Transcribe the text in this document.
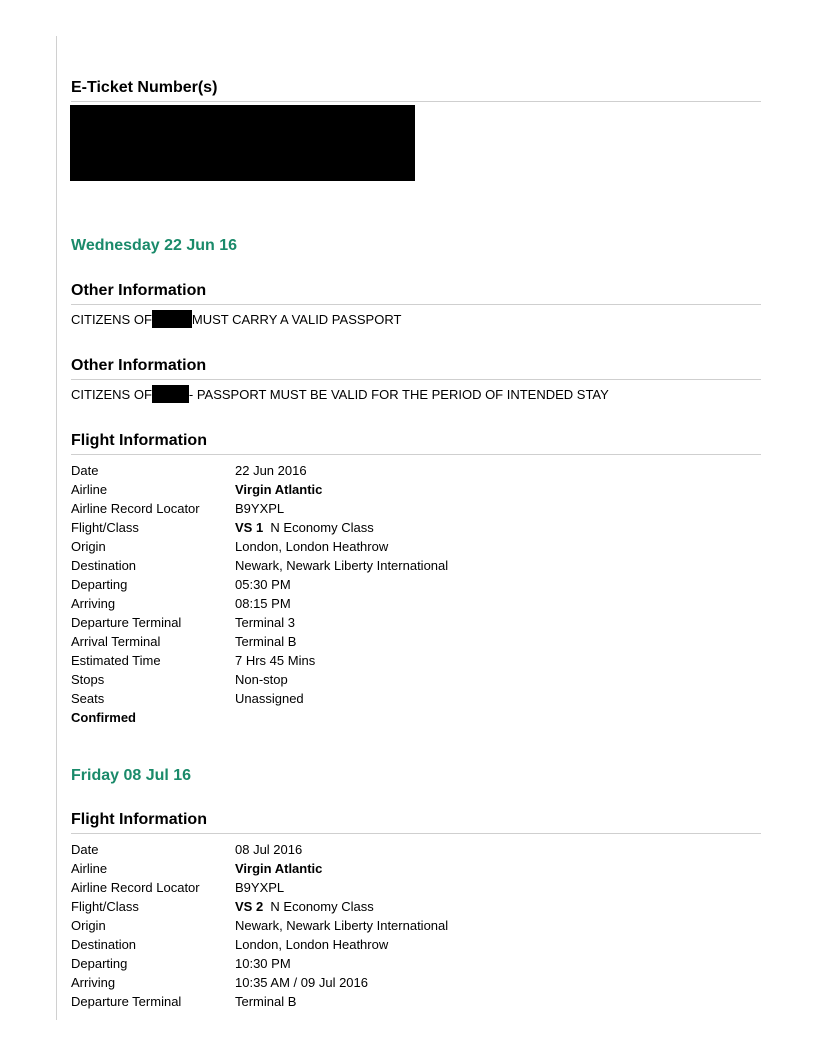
E-Ticket Number(s)
Wednesday 22 Jun 16
Other Information
CITIZENS OF	MUST CARRY A VALID PASSPORT
Other Information
CITIZENS OF	- PASSPORT MUST BE VALID FOR THE PERIOD OF INTENDED STAY
Flight Information
Date	22 Jun 2016
Airline	Virgin Atlantic
Airline Record Locator	B9YXPL
Flight/Class	VS 1 N Economy Class
Origin	London, London Heathrow
Destination	Newark, Newark Liberty International
Departing	05:30 PM
Arriving	08:15 PM
Departure Terminal	Terminal 3
Arrival Terminal	Terminal B
Estimated Time	7 Hrs 45 Mins
Stops	Non-stop
Seats	Unassigned
Confirmed
Friday 08 Jul 16
Flight Information
Date	08 Jul 2016
Airline	Virgin Atlantic
Airline Record Locator	B9YXPL
Flight/Class	VS 2 N Economy Class
Origin	Newark, Newark Liberty International
Destination	London, London Heathrow
Departing	10:30 PM
Arriving	10:35 AM / 09 Jul 2016
Departure Terminal	Terminal B
